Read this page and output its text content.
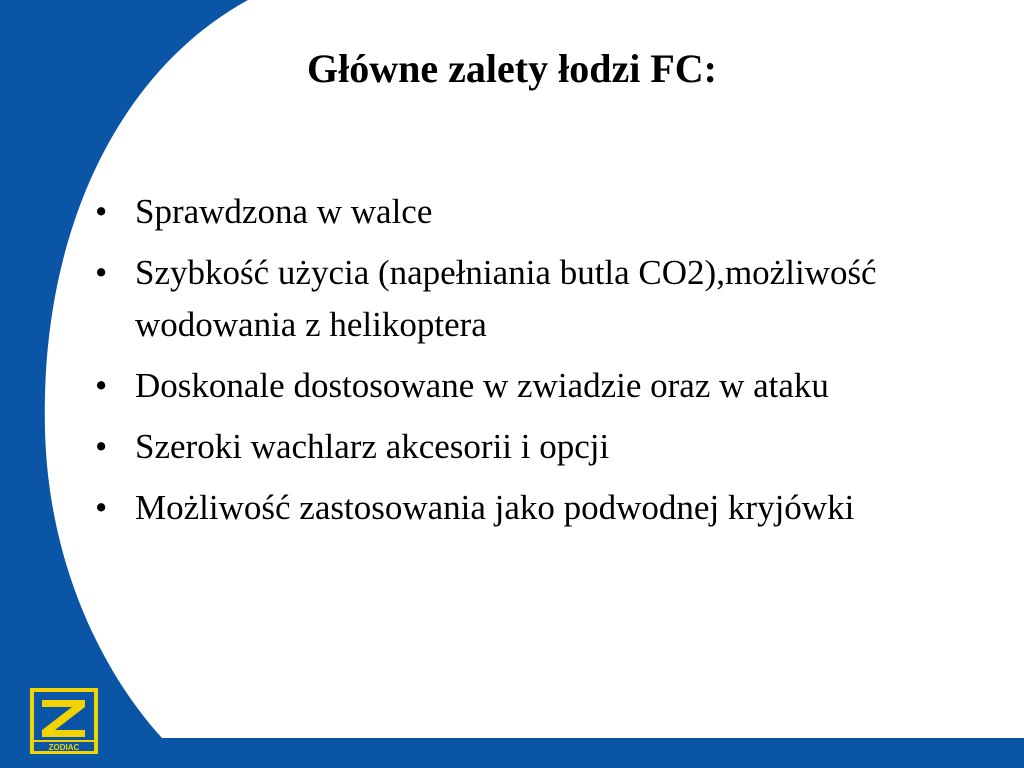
Główne zalety łodzi FC:
• Sprawdzona w walce
• Szybkość użycia (napełniania butla CO2),możliwość wodowania z helikoptera
• Doskonale dostosowane w zwiadzie oraz w ataku
• Szeroki wachlarz akcesorii i opcji
• Możliwość zastosowania jako podwodnej kryjówki
ZODIAC
